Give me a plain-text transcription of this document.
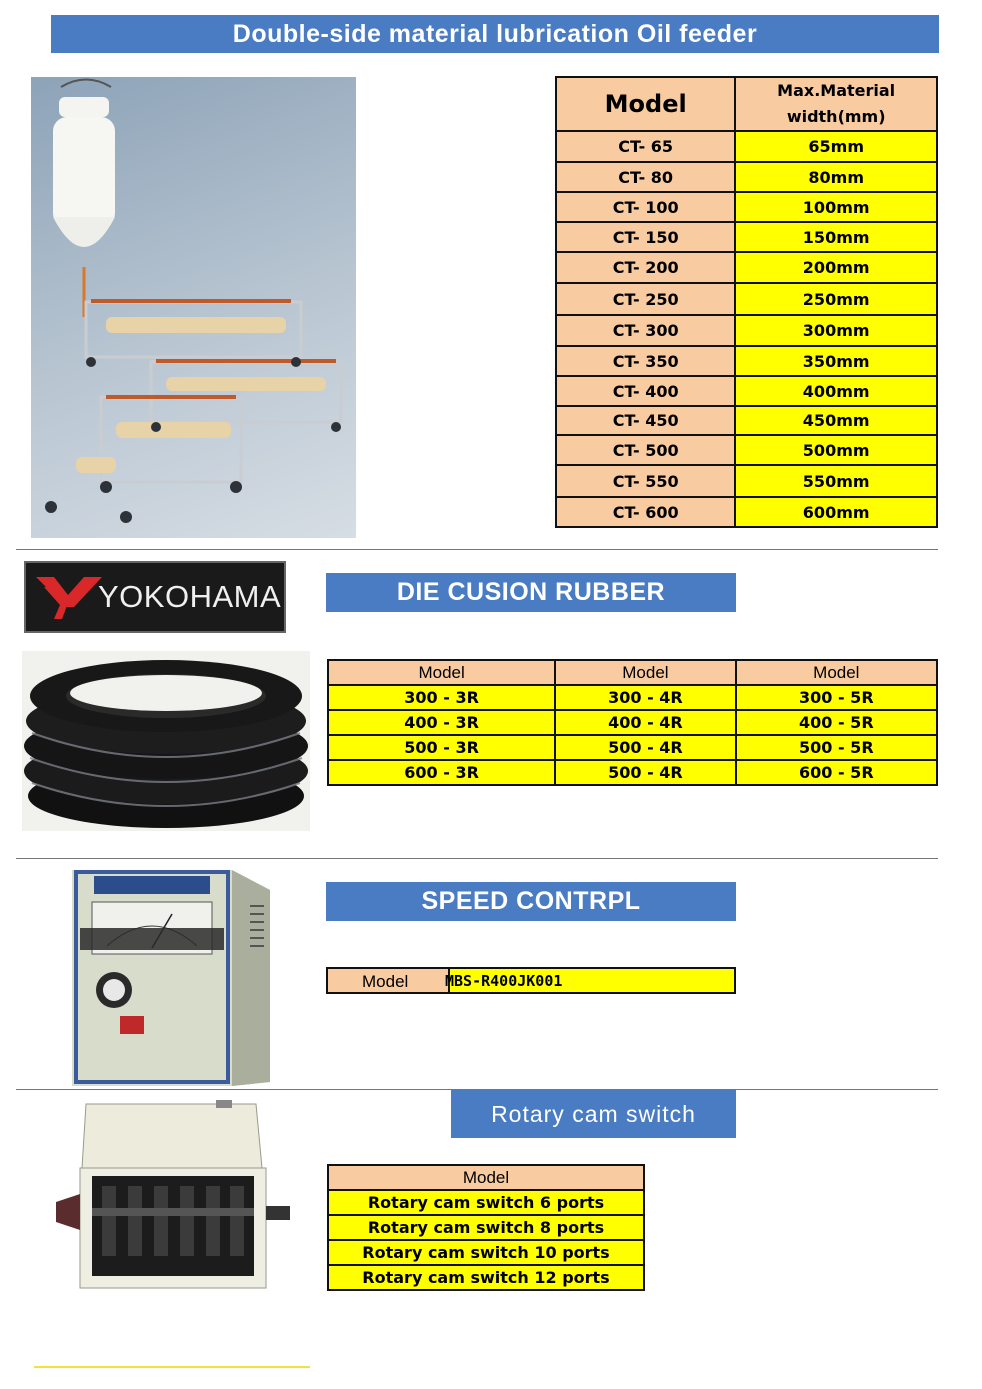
Double-side material lubrication Oil feeder
Model	Max.Material width(mm)
CT- 65	65mm
CT- 80	80mm
CT- 100	100mm
CT- 150	150mm
CT- 200	200mm
CT- 250	250mm
CT- 300	300mm
CT- 350	350mm
CT- 400	400mm
CT- 450	450mm
CT- 500	500mm
CT- 550	550mm
CT- 600	600mm
YOKOHAMA	DIE CUSION RUBBER
Model	Model	Model
300 - 3R	300 - 4R	300 - 5R
400 - 3R	400 - 4R	400 - 5R
500 - 3R	500 - 4R	500 - 5R
600 - 3R	500 - 4R	600 - 5R
SPEED CONTRPL
Model MBS-R400JK001
Rotary cam switch
Model
Rotary cam switch 6 ports
Rotary cam switch 8 ports
Rotary cam switch 10 ports
Rotary cam switch 12 ports
